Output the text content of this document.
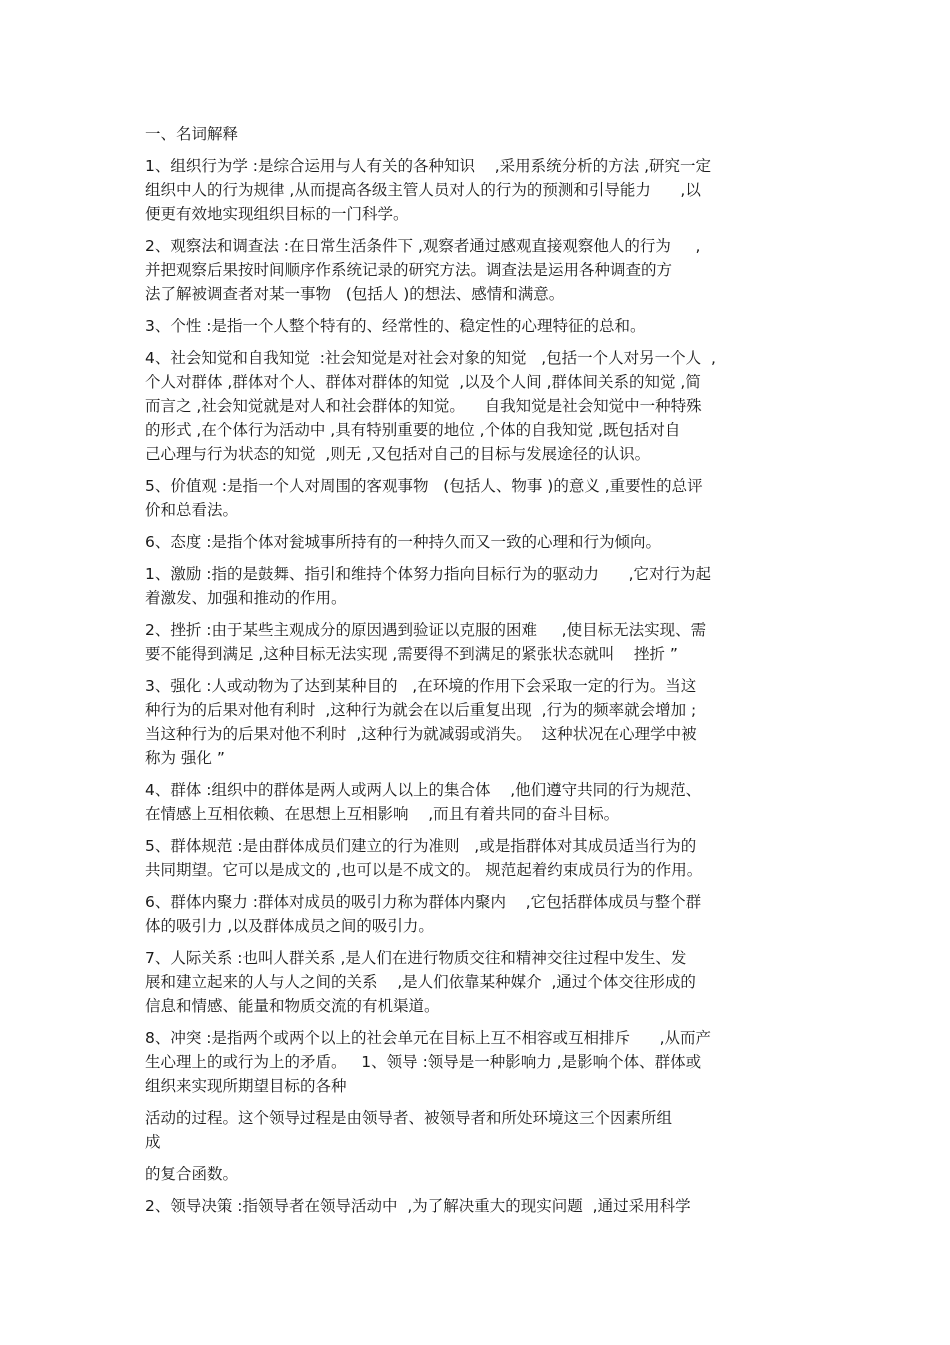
一、名词解释
1、组织行为学 :是综合运用与人有关的各种知识    ,采用系统分析的方法 ,研究一定
组织中人的行为规律 ,从而提高各级主管人员对人的行为的预测和引导能力      ,以
便更有效地实现组织目标的一门科学。
2、观察法和调查法 :在日常生活条件下 ,观察者通过感观直接观察他人的行为     ,
并把观察后果按时间顺序作系统记录的研究方法。调查法是运用各种调查的方
法了解被调查者对某一事物   (包括人 )的想法、感情和满意。
3、个性 :是指一个人整个特有的、经常性的、稳定性的心理特征的总和。
4、社会知觉和自我知觉  :社会知觉是对社会对象的知觉   ,包括一个人对另一个人  ,
个人对群体 ,群体对个人、群体对群体的知觉  ,以及个人间 ,群体间关系的知觉 ,简
而言之 ,社会知觉就是对人和社会群体的知觉。    自我知觉是社会知觉中一种特殊
的形式 ,在个体行为活动中 ,具有特别重要的地位 ,个体的自我知觉 ,既包括对自
己心理与行为状态的知觉  ,则无 ,又包括对自己的目标与发展途径的认识。
5、价值观 :是指一个人对周围的客观事物   (包括人、物事 )的意义 ,重要性的总评
价和总看法。
6、态度 :是指个体对瓮城事所持有的一种持久而又一致的心理和行为倾向。
1、激励 :指的是鼓舞、指引和维持个体努力指向目标行为的驱动力      ,它对行为起
着激发、加强和推动的作用。
2、挫折 :由于某些主观成分的原因遇到验证以克服的困难     ,使目标无法实现、需
要不能得到满足 ,这种目标无法实现 ,需要得不到满足的紧张状态就叫    挫折 ”
3、强化 :人或动物为了达到某种目的   ,在环境的作用下会采取一定的行为。当这
种行为的后果对他有利时  ,这种行为就会在以后重复出现  ,行为的频率就会增加 ;
当这种行为的后果对他不利时  ,这种行为就减弱或消失。  这种状况在心理学中被
称为 强化 ”
4、群体 :组织中的群体是两人或两人以上的集合体    ,他们遵守共同的行为规范、
在情感上互相依赖、在思想上互相影响    ,而且有着共同的奋斗目标。
5、群体规范 :是由群体成员们建立的行为准则   ,或是指群体对其成员适当行为的
共同期望。它可以是成文的 ,也可以是不成文的。 规范起着约束成员行为的作用。
6、群体内聚力 :群体对成员的吸引力称为群体内聚内    ,它包括群体成员与整个群
体的吸引力 ,以及群体成员之间的吸引力。
7、人际关系 :也叫人群关系 ,是人们在进行物质交往和精神交往过程中发生、发
展和建立起来的人与人之间的关系    ,是人们依靠某种媒介  ,通过个体交往形成的
信息和情感、能量和物质交流的有机渠道。
8、冲突 :是指两个或两个以上的社会单元在目标上互不相容或互相排斥      ,从而产
生心理上的或行为上的矛盾。   1、领导 :领导是一种影响力 ,是影响个体、群体或
组织来实现所期望目标的各种
活动的过程。这个领导过程是由领导者、被领导者和所处环境这三个因素所组
成
的复合函数。
2、领导决策 :指领导者在领导活动中  ,为了解决重大的现实问题  ,通过采用科学
